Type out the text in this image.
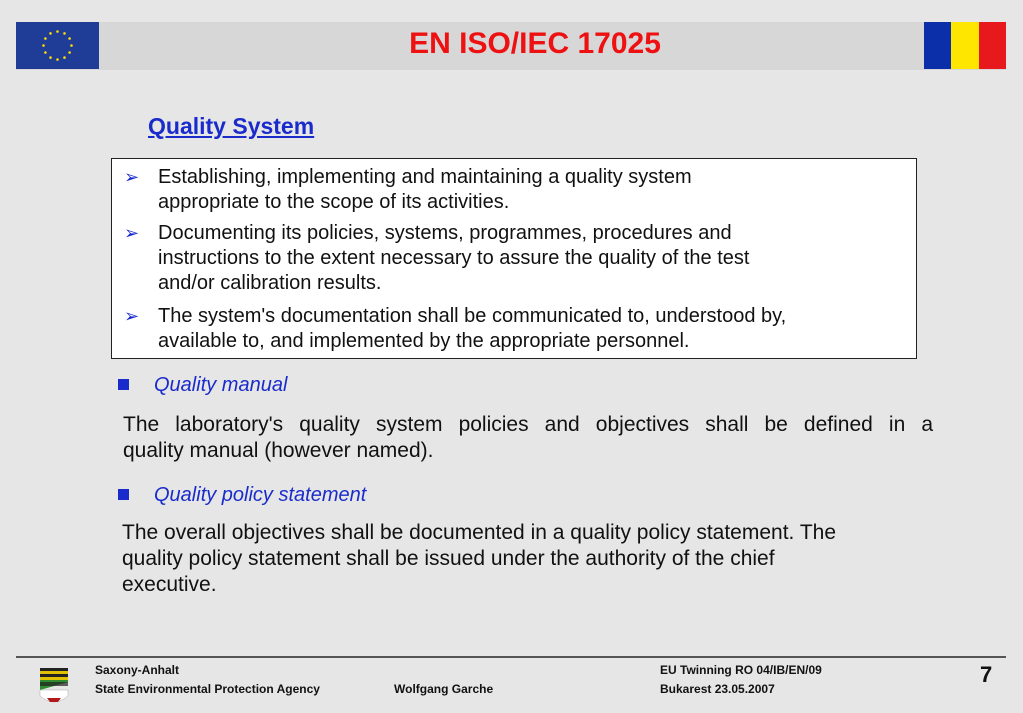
EN ISO/IEC 17025
Quality System
➢ Establishing, implementing and maintaining a quality system
appropriate to the scope of its activities.
➢ Documenting its policies, systems, programmes, procedures and
instructions to the extent necessary to assure the quality of the test
and/or calibration results.
➢ The system's documentation shall be communicated to, understood by,
available to, and implemented by the appropriate personnel.
Quality manual
The laboratory's quality system policies and objectives shall be defined in a
quality manual (however named).
Quality policy statement
The overall objectives shall be documented in a quality policy statement. The
quality policy statement shall be issued under the authority of the chief
executive.
Saxony-Anhalt
State Environmental Protection Agency	Wolfgang Garche
EU Twinning RO 04/IB/EN/09
Bukarest 23.05.2007
7
